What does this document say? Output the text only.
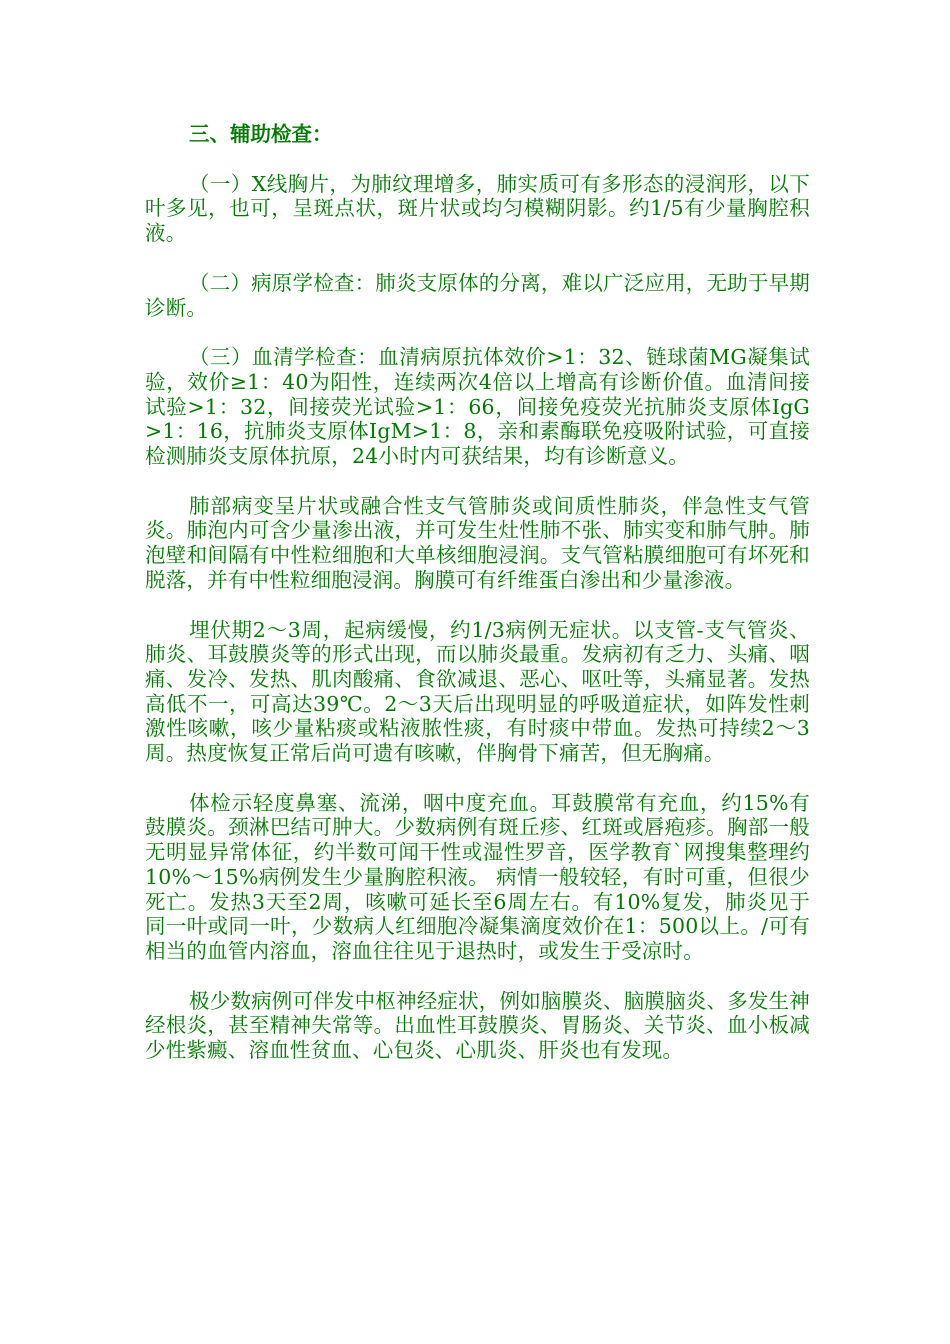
三、辅助检查：

（一）X线胸片，为肺纹理增多，肺实质可有多形态的浸润形，以下叶多见，也可，呈斑点状，斑片状或均匀模糊阴影。约1/5有少量胸腔积液。

（二）病原学检查：肺炎支原体的分离，难以广泛应用，无助于早期诊断。

（三）血清学检查：血清病原抗体效价>1：32、链球菌MG凝集试验，效价≥1：40为阳性，连续两次4倍以上增高有诊断价值。血清间接试验>1：32，间接荧光试验>1：66，间接免疫荧光抗肺炎支原体IgG>1：16，抗肺炎支原体IgM>1：8，亲和素酶联免疫吸附试验，可直接检测肺炎支原体抗原，24小时内可获结果，均有诊断意义。

肺部病变呈片状或融合性支气管肺炎或间质性肺炎，伴急性支气管炎。肺泡内可含少量渗出液，并可发生灶性肺不张、肺实变和肺气肿。肺泡壁和间隔有中性粒细胞和大单核细胞浸润。支气管粘膜细胞可有坏死和脱落，并有中性粒细胞浸润。胸膜可有纤维蛋白渗出和少量渗液。

埋伏期2～3周，起病缓慢，约1/3病例无症状。以支管-支气管炎、肺炎、耳鼓膜炎等的形式出现，而以肺炎最重。发病初有乏力、头痛、咽痛、发冷、发热、肌肉酸痛、食欲减退、恶心、呕吐等，头痛显著。发热高低不一，可高达39℃。2～3天后出现明显的呼吸道症状，如阵发性刺激性咳嗽，咳少量粘痰或粘液脓性痰，有时痰中带血。发热可持续2～3周。热度恢复正常后尚可遗有咳嗽，伴胸骨下痛苦，但无胸痛。

体检示轻度鼻塞、流涕，咽中度充血。耳鼓膜常有充血，约15%有鼓膜炎。颈淋巴结可肿大。少数病例有斑丘疹、红斑或唇疱疹。胸部一般无明显异常体征，约半数可闻干性或湿性罗音，医学教育`网搜集整理约10%～15%病例发生少量胸腔积液。 病情一般较轻，有时可重，但很少死亡。发热3天至2周，咳嗽可延长至6周左右。有10%复发，肺炎见于同一叶或同一叶，少数病人红细胞冷凝集滴度效价在1：500以上。/可有相当的血管内溶血，溶血往往见于退热时，或发生于受凉时。

极少数病例可伴发中枢神经症状，例如脑膜炎、脑膜脑炎、多发生神经根炎，甚至精神失常等。出血性耳鼓膜炎、胃肠炎、关节炎、血小板减少性紫癜、溶血性贫血、心包炎、心肌炎、肝炎也有发现。
